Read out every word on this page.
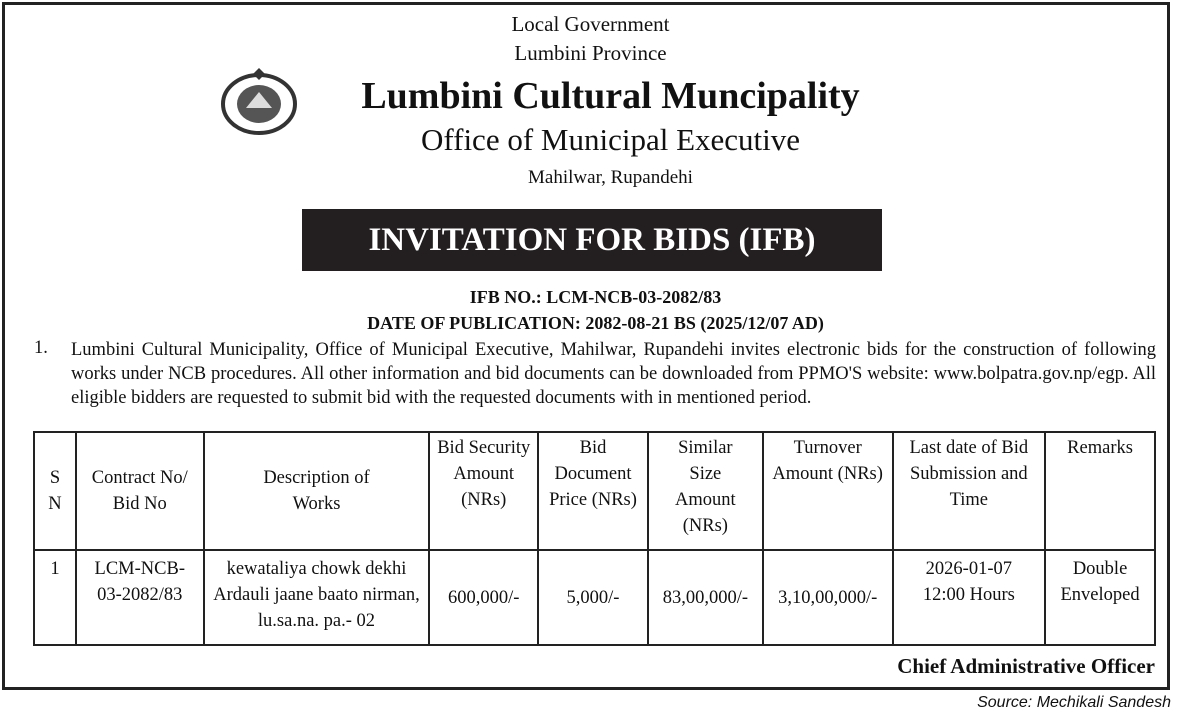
Local Government
Lumbini Province
Lumbini Cultural Muncipality
Office of Municipal Executive
Mahilwar, Rupandehi
INVITATION FOR BIDS (IFB)
IFB NO.: LCM-NCB-03-2082/83
DATE OF PUBLICATION: 2082-08-21 BS (2025/12/07 AD)
1. Lumbini Cultural Municipality, Office of Municipal Executive, Mahilwar, Rupandehi invites electronic bids for the construction of following works under NCB procedures. All other information and bid documents can be downloaded from PPMO'S website: www.bolpatra.gov.np/egp. All eligible bidders are requested to submit bid with the requested documents with in mentioned period.
S N	Contract No/ Bid No	Description of Works	Bid Security Amount (NRs)	Bid Document Price (NRs)	Similar Size Amount (NRs)	Turnover Amount (NRs)	Last date of Bid Submission and Time	Remarks
1	LCM-NCB-03-2082/83	kewataliya chowk dekhi Ardauli jaane baato nirman, lu.sa.na. pa.- 02	600,000/-	5,000/-	83,00,000/-	3,10,00,000/-	2026-01-07 12:00 Hours	Double Enveloped
Chief Administrative Officer
Source: Mechikali Sandesh
